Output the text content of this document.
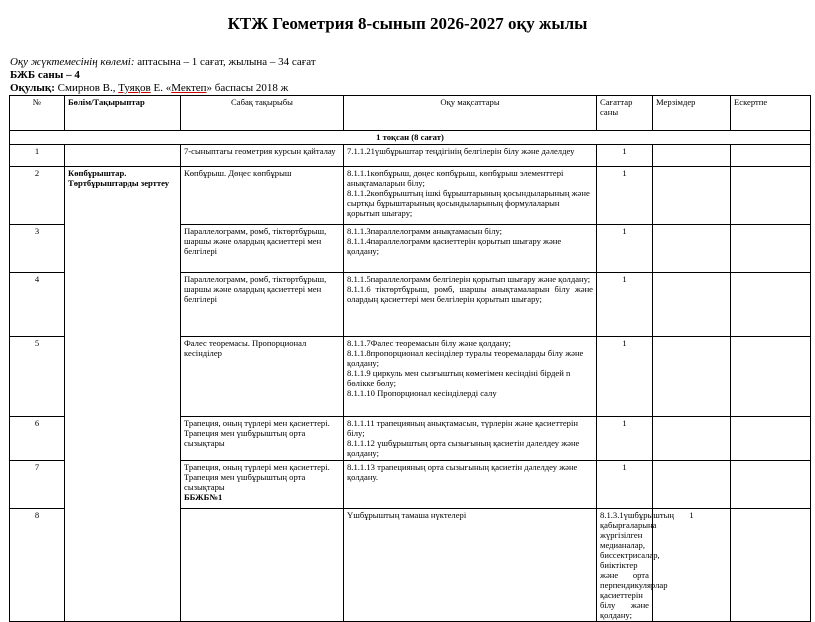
КТЖ Геометрия 8-сынып 2026-2027 оқу жылы
Оқу жүктемесінің көлемі: аптасына – 1 сағат, жылына – 34 сағат
БЖБ саны – 4
Оқулық: Смирнов В., Туяқов Е. «Мектеп» баспасы 2018 ж
№	Бөлім/Тақырыптар	Сабақ тақырыбы	Оқу мақсаттары	Сағаттар саны	Мерзімдер	Ескертпе	
1 тоқсан (8 сағат)							
1		7-сыныптағы геометрия курсын қайталау	7.1.1.21үшбұрыштар теңдігінің белгілерін білу және дәлелдеу	1			
2	Көпбұрыштар. Төртбұрыштарды зерттеу	Көпбұрыш. Дөңес көпбұрыш	8.1.1.1көпбұрыш, дөңес көпбұрыш, көпбұрыш элементтері анықтамаларын білу;
8.1.1.2көпбұрыштың ішкі бұрыштарының қосындыларының және сыртқы бұрыштарының қосындыларының формулаларын қорытып шығару;	1			
3		Параллелограмм, ромб, тіктөртбұрыш, шаршы және олардың қасиеттері мен белгілері	8.1.1.3параллелограмм анықтамасын білу;
8.1.1.4параллелограмм қасиеттерін қорытып шығару және қолдану;	1			
4		Параллелограмм, ромб, тіктөртбұрыш, шаршы және олардың қасиеттері мен белгілері	8.1.1.5параллелограмм белгілерін қорытып шығару және қолдану;
8.1.1.6 тіктөртбұрыш, ромб, шаршы анықтамаларын білу және олардың қасиеттері мен белгілерін қорытып шығару;	1			
5		Фалес теоремасы. Пропорционал кесінділер	8.1.1.7Фалес теоремасын білу және қолдану;
8.1.1.8пропорционал кесінділер туралы теоремаларды білу және қолдану;
8.1.1.9 циркуль мен сызғыштың көмегімен кесіндіні бірдей n бөлікке бөлу;
8.1.1.10 Пропорционал кесінділерді салу	1			
6		Трапеция, оның түрлері мен қасиеттері. Трапеция мен үшбұрыштың орта сызықтары	8.1.1.11 трапецияның анықтамасын, түрлерін және қасиеттерін білу;
8.1.1.12 үшбұрыштың орта сызығының қасиетін дәлелдеу және қолдану;	1			
7		Трапеция, оның түрлері мен қасиеттері. Трапеция мен үшбұрыштың орта сызықтары
ББЖБ№1	8.1.1.13 трапецияның орта сызығының қасиетін дәлелдеу және қолдану.	1			
8			Үшбұрыштың тамаша нүктелері	8.1.3.1үшбұрыштың қабырғаларына жүргізілген медианалар, биссектрисалар, биіктіктер және орта перпендикулярлар қасиеттерін білу және қолдану;	1		
